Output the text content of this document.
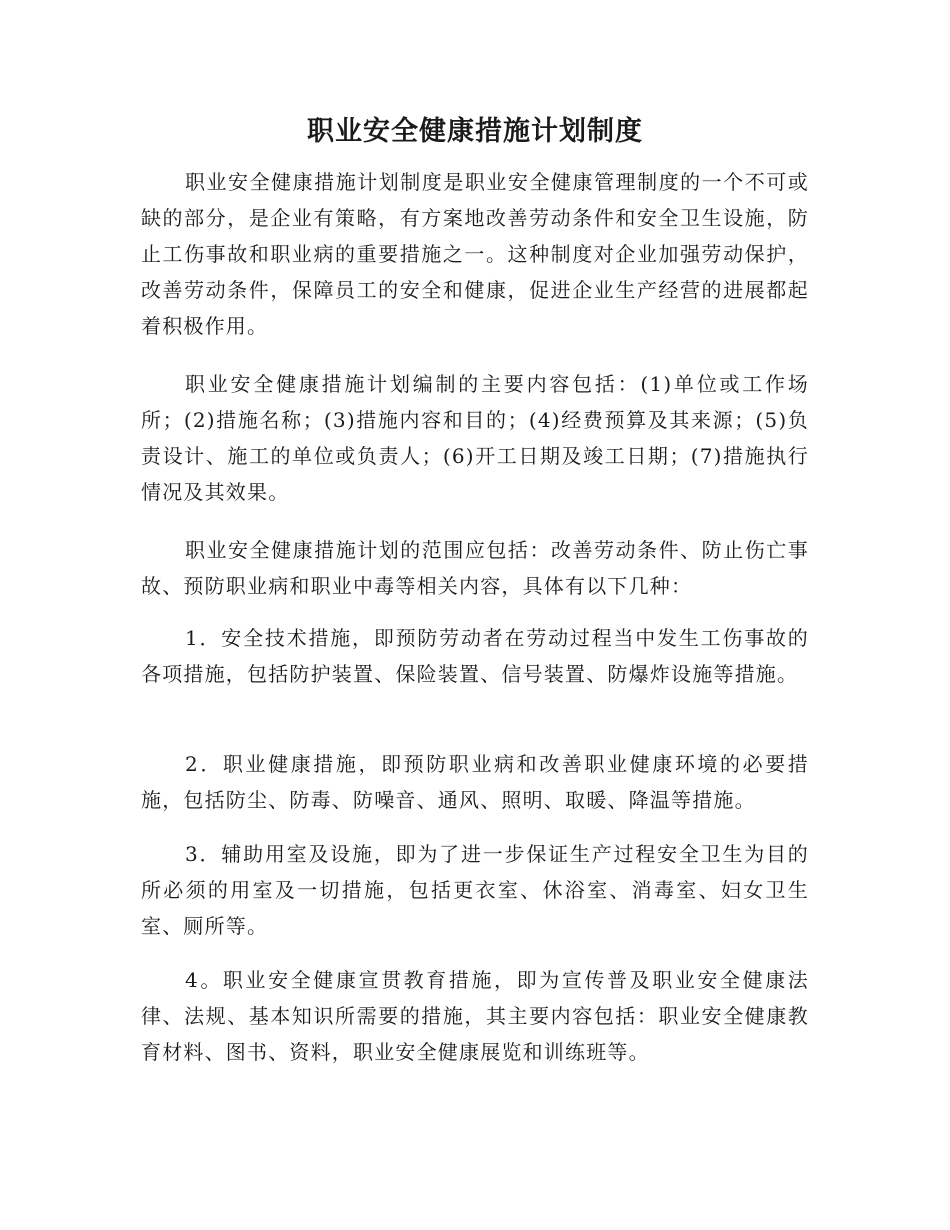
职业安全健康措施计划制度

职业安全健康措施计划制度是职业安全健康管理制度的一个不可或缺的部分，是企业有策略，有方案地改善劳动条件和安全卫生设施，防止工伤事故和职业病的重要措施之一。这种制度对企业加强劳动保护，改善劳动条件，保障员工的安全和健康，促进企业生产经营的进展都起着积极作用。

职业安全健康措施计划编制的主要内容包括：(1)单位或工作场所；(2)措施名称；(3)措施内容和目的；(4)经费预算及其来源；(5)负责设计、施工的单位或负责人；(6)开工日期及竣工日期；(7)措施执行情况及其效果。

职业安全健康措施计划的范围应包括：改善劳动条件、防止伤亡事故、预防职业病和职业中毒等相关内容，具体有以下几种：

1．安全技术措施，即预防劳动者在劳动过程当中发生工伤事故的各项措施，包括防护装置、保险装置、信号装置、防爆炸设施等措施。

2．职业健康措施，即预防职业病和改善职业健康环境的必要措施，包括防尘、防毒、防噪音、通风、照明、取暖、降温等措施。

3．辅助用室及设施，即为了进一步保证生产过程安全卫生为目的所必须的用室及一切措施，包括更衣室、休浴室、消毒室、妇女卫生室、厕所等。

4。职业安全健康宣贯教育措施，即为宣传普及职业安全健康法律、法规、基本知识所需要的措施，其主要内容包括：职业安全健康教育材料、图书、资料，职业安全健康展览和训练班等。
